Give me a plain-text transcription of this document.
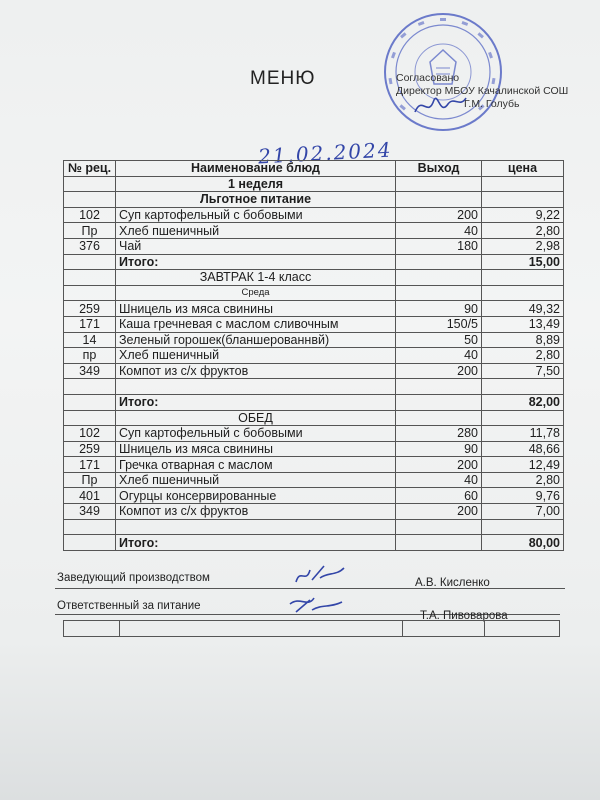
МЕНЮ	Согласовано
Директор МБОУ Качалинской СОШ
Г.М. Голубь
21.02.2024
№ рец.	Наименование блюд	Выход	цена
	1 неделя		
	Льготное питание		
102	Суп картофельный с бобовыми	200	9,22
Пр	Хлеб пшеничный	40	2,80
376	Чай	180	2,98
	Итого:		15,00
	ЗАВТРАК 1-4 класс		
	Среда		
259	Шницель из мяса свинины	90	49,32
171	Каша гречневая с маслом сливочным	150/5	13,49
14	Зеленый горошек(бланшерованнвй)	50	8,89
пр	Хлеб пшеничный	40	2,80
349	Компот из с/х фруктов	200	7,50

	Итого:		82,00
	ОБЕД		
102	Суп картофельный с бобовыми	280	11,78
259	Шницель из мяса свинины	90	48,66
171	Гречка отварная с маслом	200	12,49
Пр	Хлеб пшеничный	40	2,80
401	Огурцы консервированные	60	9,76
349	Компот из с/х фруктов	200	7,00

	Итого:		80,00
Заведующий производством	А.В. Кисленко
Ответственный за питание
Т.А. Пивоварова
